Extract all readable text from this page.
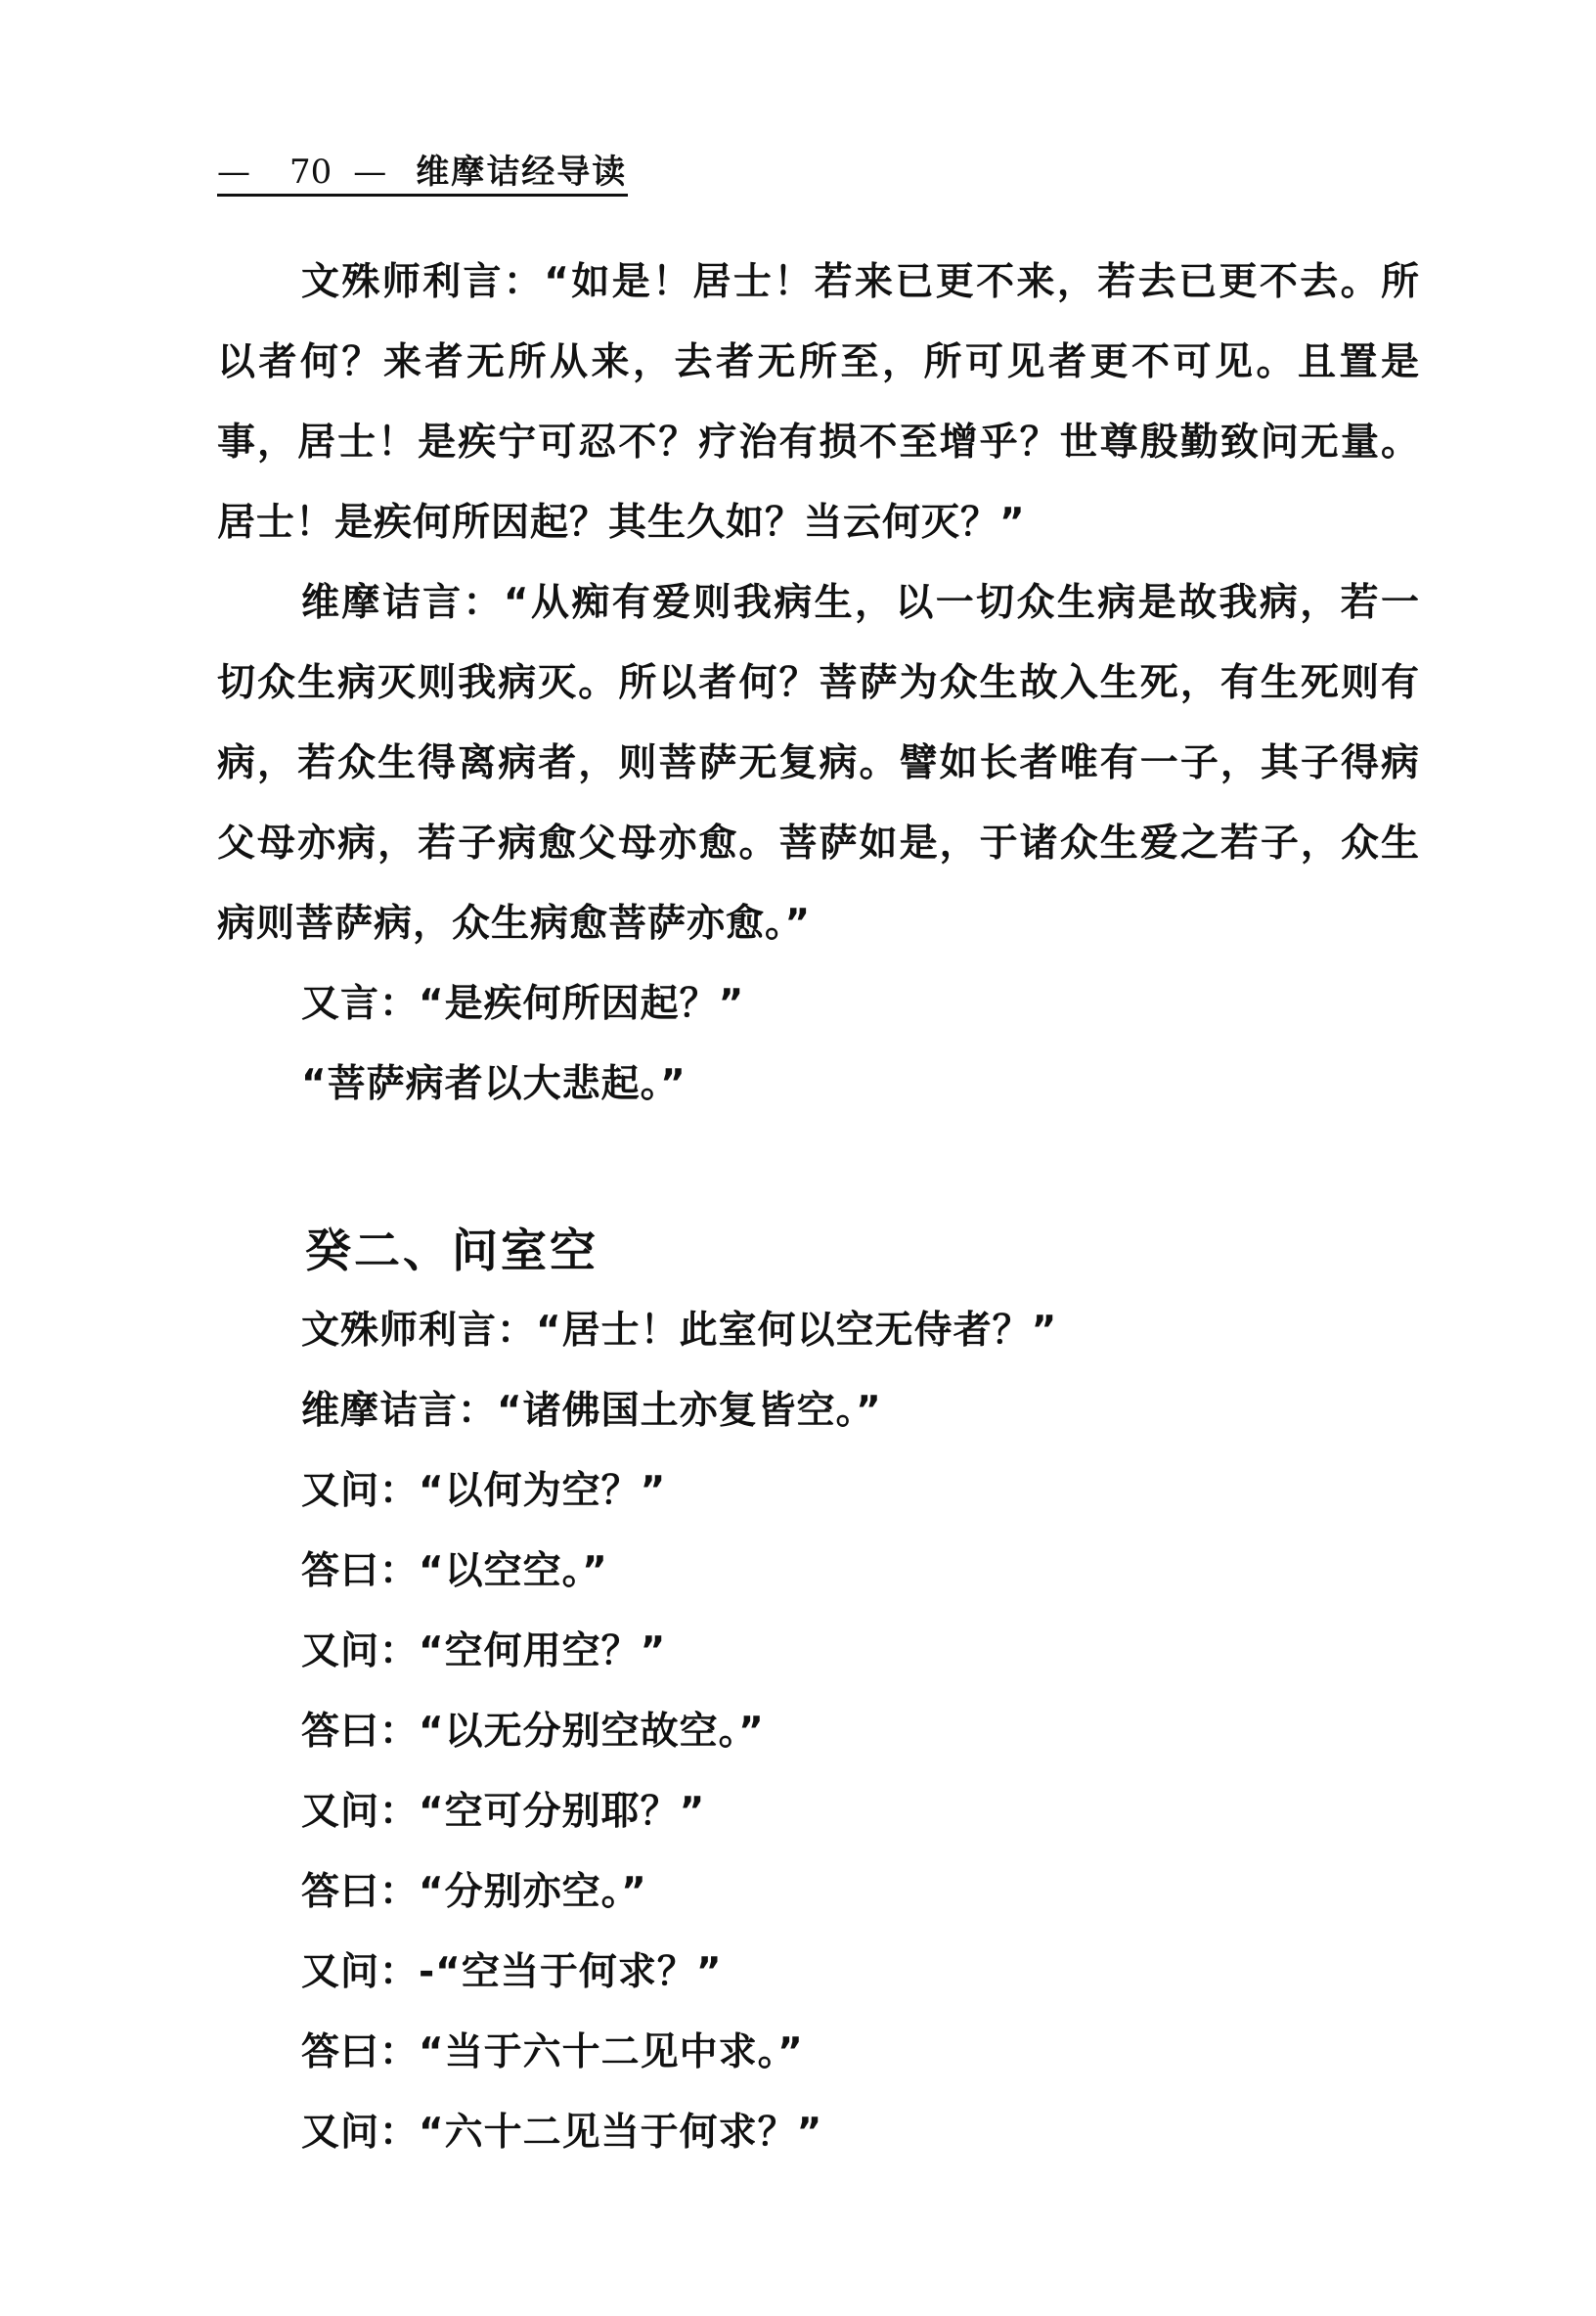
— 70 — 维摩诘经导读

文殊师利言：“如是！居士！若来已更不来，若去已更不去。所以者何？来者无所从来，去者无所至，所可见者更不可见。且置是事，居士！是疾宁可忍不？疗治有损不至增乎？世尊殷勤致问无量。居士！是疾何所因起？其生久如？当云何灭？”

维摩诘言：“从痴有爱则我病生，以一切众生病是故我病，若一切众生病灭则我病灭。所以者何？菩萨为众生故入生死，有生死则有病，若众生得离病者，则菩萨无复病。譬如长者唯有一子，其子得病父母亦病，若子病愈父母亦愈。菩萨如是，于诸众生爱之若子，众生病则菩萨病，众生病愈菩萨亦愈。”

又言：“是疾何所因起？”

“菩萨病者以大悲起。”

癸二、问室空

文殊师利言：“居士！此室何以空无侍者？”

维摩诘言：“诸佛国土亦复皆空。”

又问：“以何为空？”

答曰：“以空空。”

又问：“空何用空？”

答曰：“以无分别空故空。”

又问：“空可分别耶？”

答曰：“分别亦空。”

又问：-“空当于何求？”

答曰：“当于六十二见中求。”

又问：“六十二见当于何求？”
